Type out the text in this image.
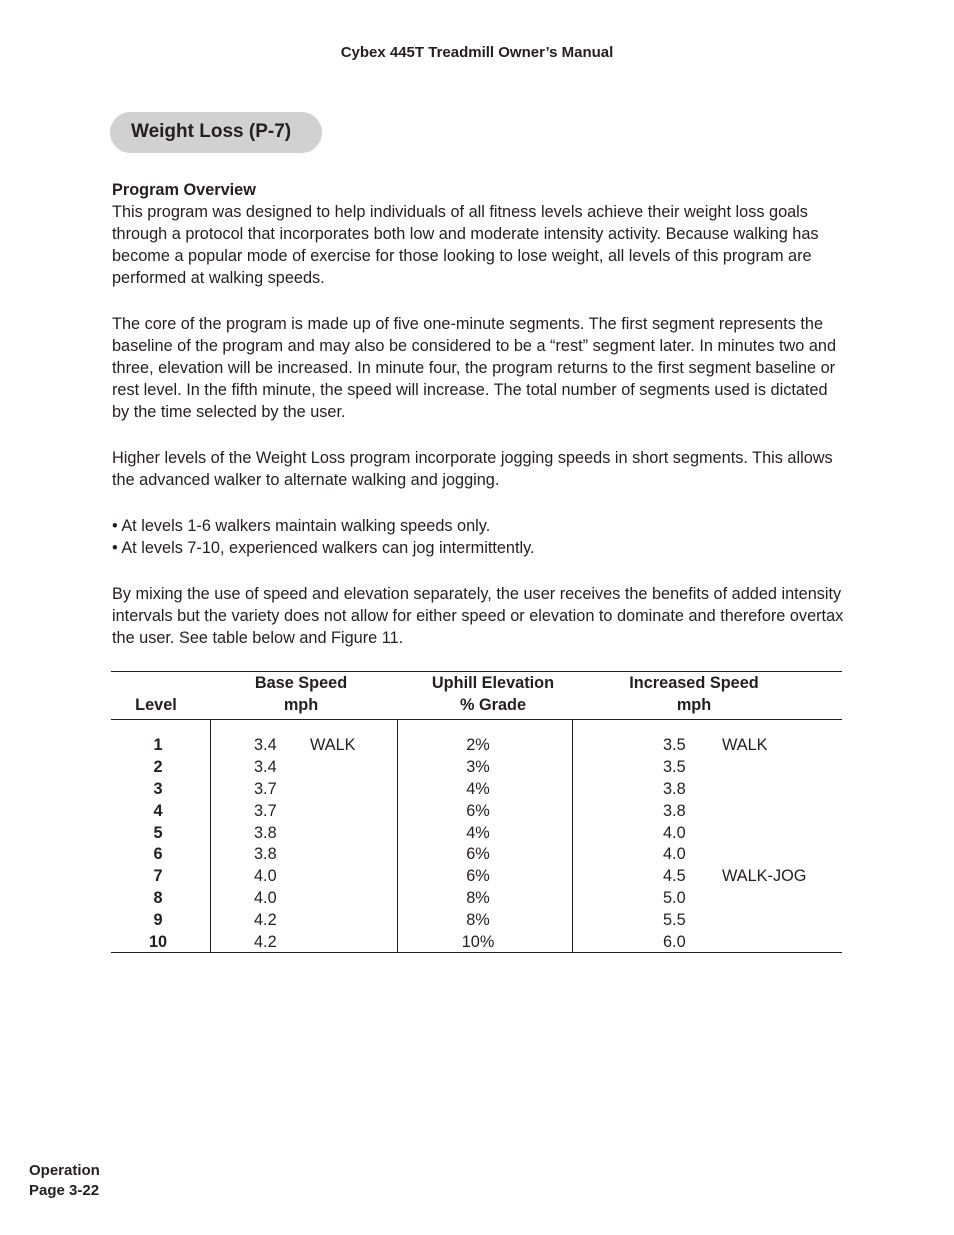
Cybex 445T Treadmill Owner’s Manual
Weight Loss (P-7)
Program Overview

This program was designed to help individuals of all fitness levels achieve their weight loss goals through a protocol that incorporates both low and moderate intensity activity. Because walking has become a popular mode of exercise for those looking to lose weight, all levels of this program are performed at walking speeds.

The core of the program is made up of five one-minute segments. The first segment represents the baseline of the program and may also be considered to be a “rest” segment later. In minutes two and three, elevation will be increased. In minute four, the program returns to the first segment baseline or rest level. In the fifth minute, the speed will increase. The total number of segments used is dictated by the time selected by the user.

Higher levels of the Weight Loss program incorporate jogging speeds in short segments. This allows the advanced walker to alternate walking and jogging.

• At levels 1-6 walkers maintain walking speeds only.
• At levels 7-10, experienced walkers can jog intermittently.

By mixing the use of speed and elevation separately, the user receives the benefits of added intensity intervals but the variety does not allow for either speed or elevation to dominate and therefore overtax the user. See table below and Figure 11.

Level
Base Speed
mph
Uphill Elevation
% Grade
Increased Speed
mph
1
2
3
4
5
6
7
8
9
10
3.4
3.4
3.7
3.7
3.8
3.8
4.0
4.0
4.2
4.2
WALK	2%
3%
4%
6%
4%
6%
6%
8%
8%
10%
3.5
3.5
3.8
3.8
4.0
4.0
4.5
5.0
5.5
6.0
WALK
WALK-JOG
Operation
Page 3-22
